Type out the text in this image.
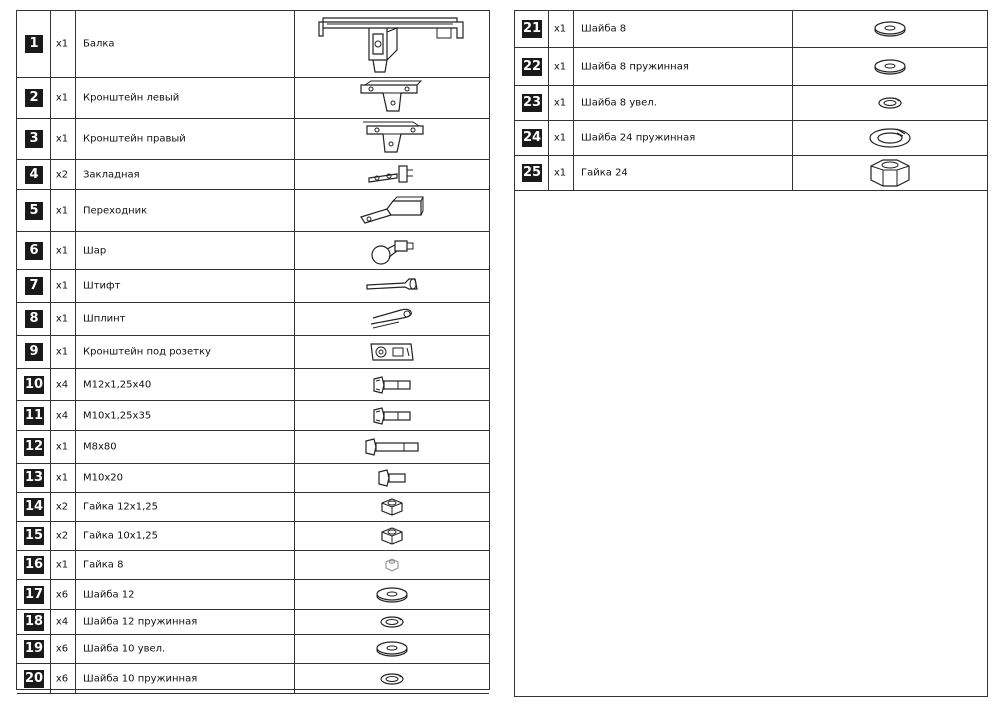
1	x1	Балка
2	x1	Кронштейн левый
3	x1	Кронштейн правый
4	x2	Закладная
5	x1	Переходник
6	x1	Шар
7	x1	Штифт
8	x1	Шплинт
9	x1	Кронштейн под розетку
10	x4	M12x1,25x40
11	x4	M10x1,25x35
12	x1	M8x80
13	x1	M10x20
14	x2	Гайка 12x1,25
15	x2	Гайка 10x1,25
16	x1	Гайка 8
17	x6	Шайба 12
18	x4	Шайба 12 пружинная
19	x6	Шайба 10 увел.
20	x6	Шайба 10 пружинная
21	x1	Шайба 8
22	x1	Шайба 8 пружинная
23	x1	Шайба 8 увел.
24	x1	Шайба 24 пружинная
25	x1	Гайка 24
